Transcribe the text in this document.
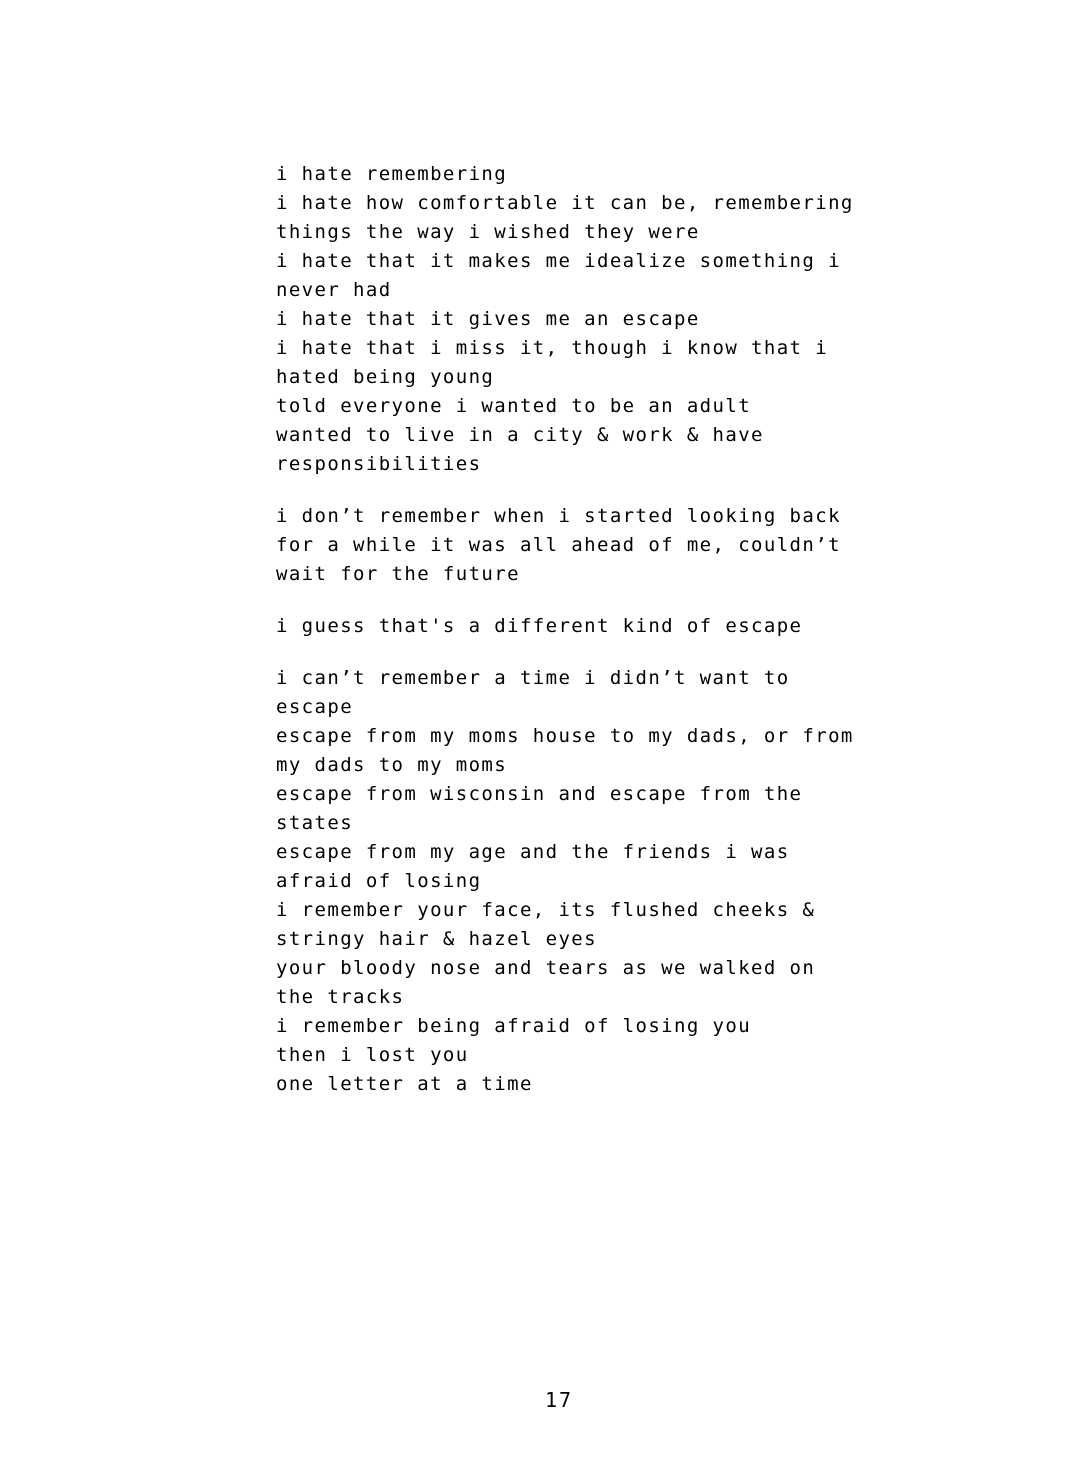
i hate remembering
i hate how comfortable it can be, remembering
things the way i wished they were
i hate that it makes me idealize something i
never had
i hate that it gives me an escape
i hate that i miss it, though i know that i
hated being young
told everyone i wanted to be an adult
wanted to live in a city & work & have
responsibilities
i don’t remember when i started looking back
for a while it was all ahead of me, couldn’t
wait for the future
i guess that's a different kind of escape
i can’t remember a time i didn’t want to
escape
escape from my moms house to my dads, or from
my dads to my moms
escape from wisconsin and escape from the
states
escape from my age and the friends i was
afraid of losing
i remember your face, its flushed cheeks &
stringy hair & hazel eyes
your bloody nose and tears as we walked on
the tracks
i remember being afraid of losing you
then i lost you
one letter at a time
17
